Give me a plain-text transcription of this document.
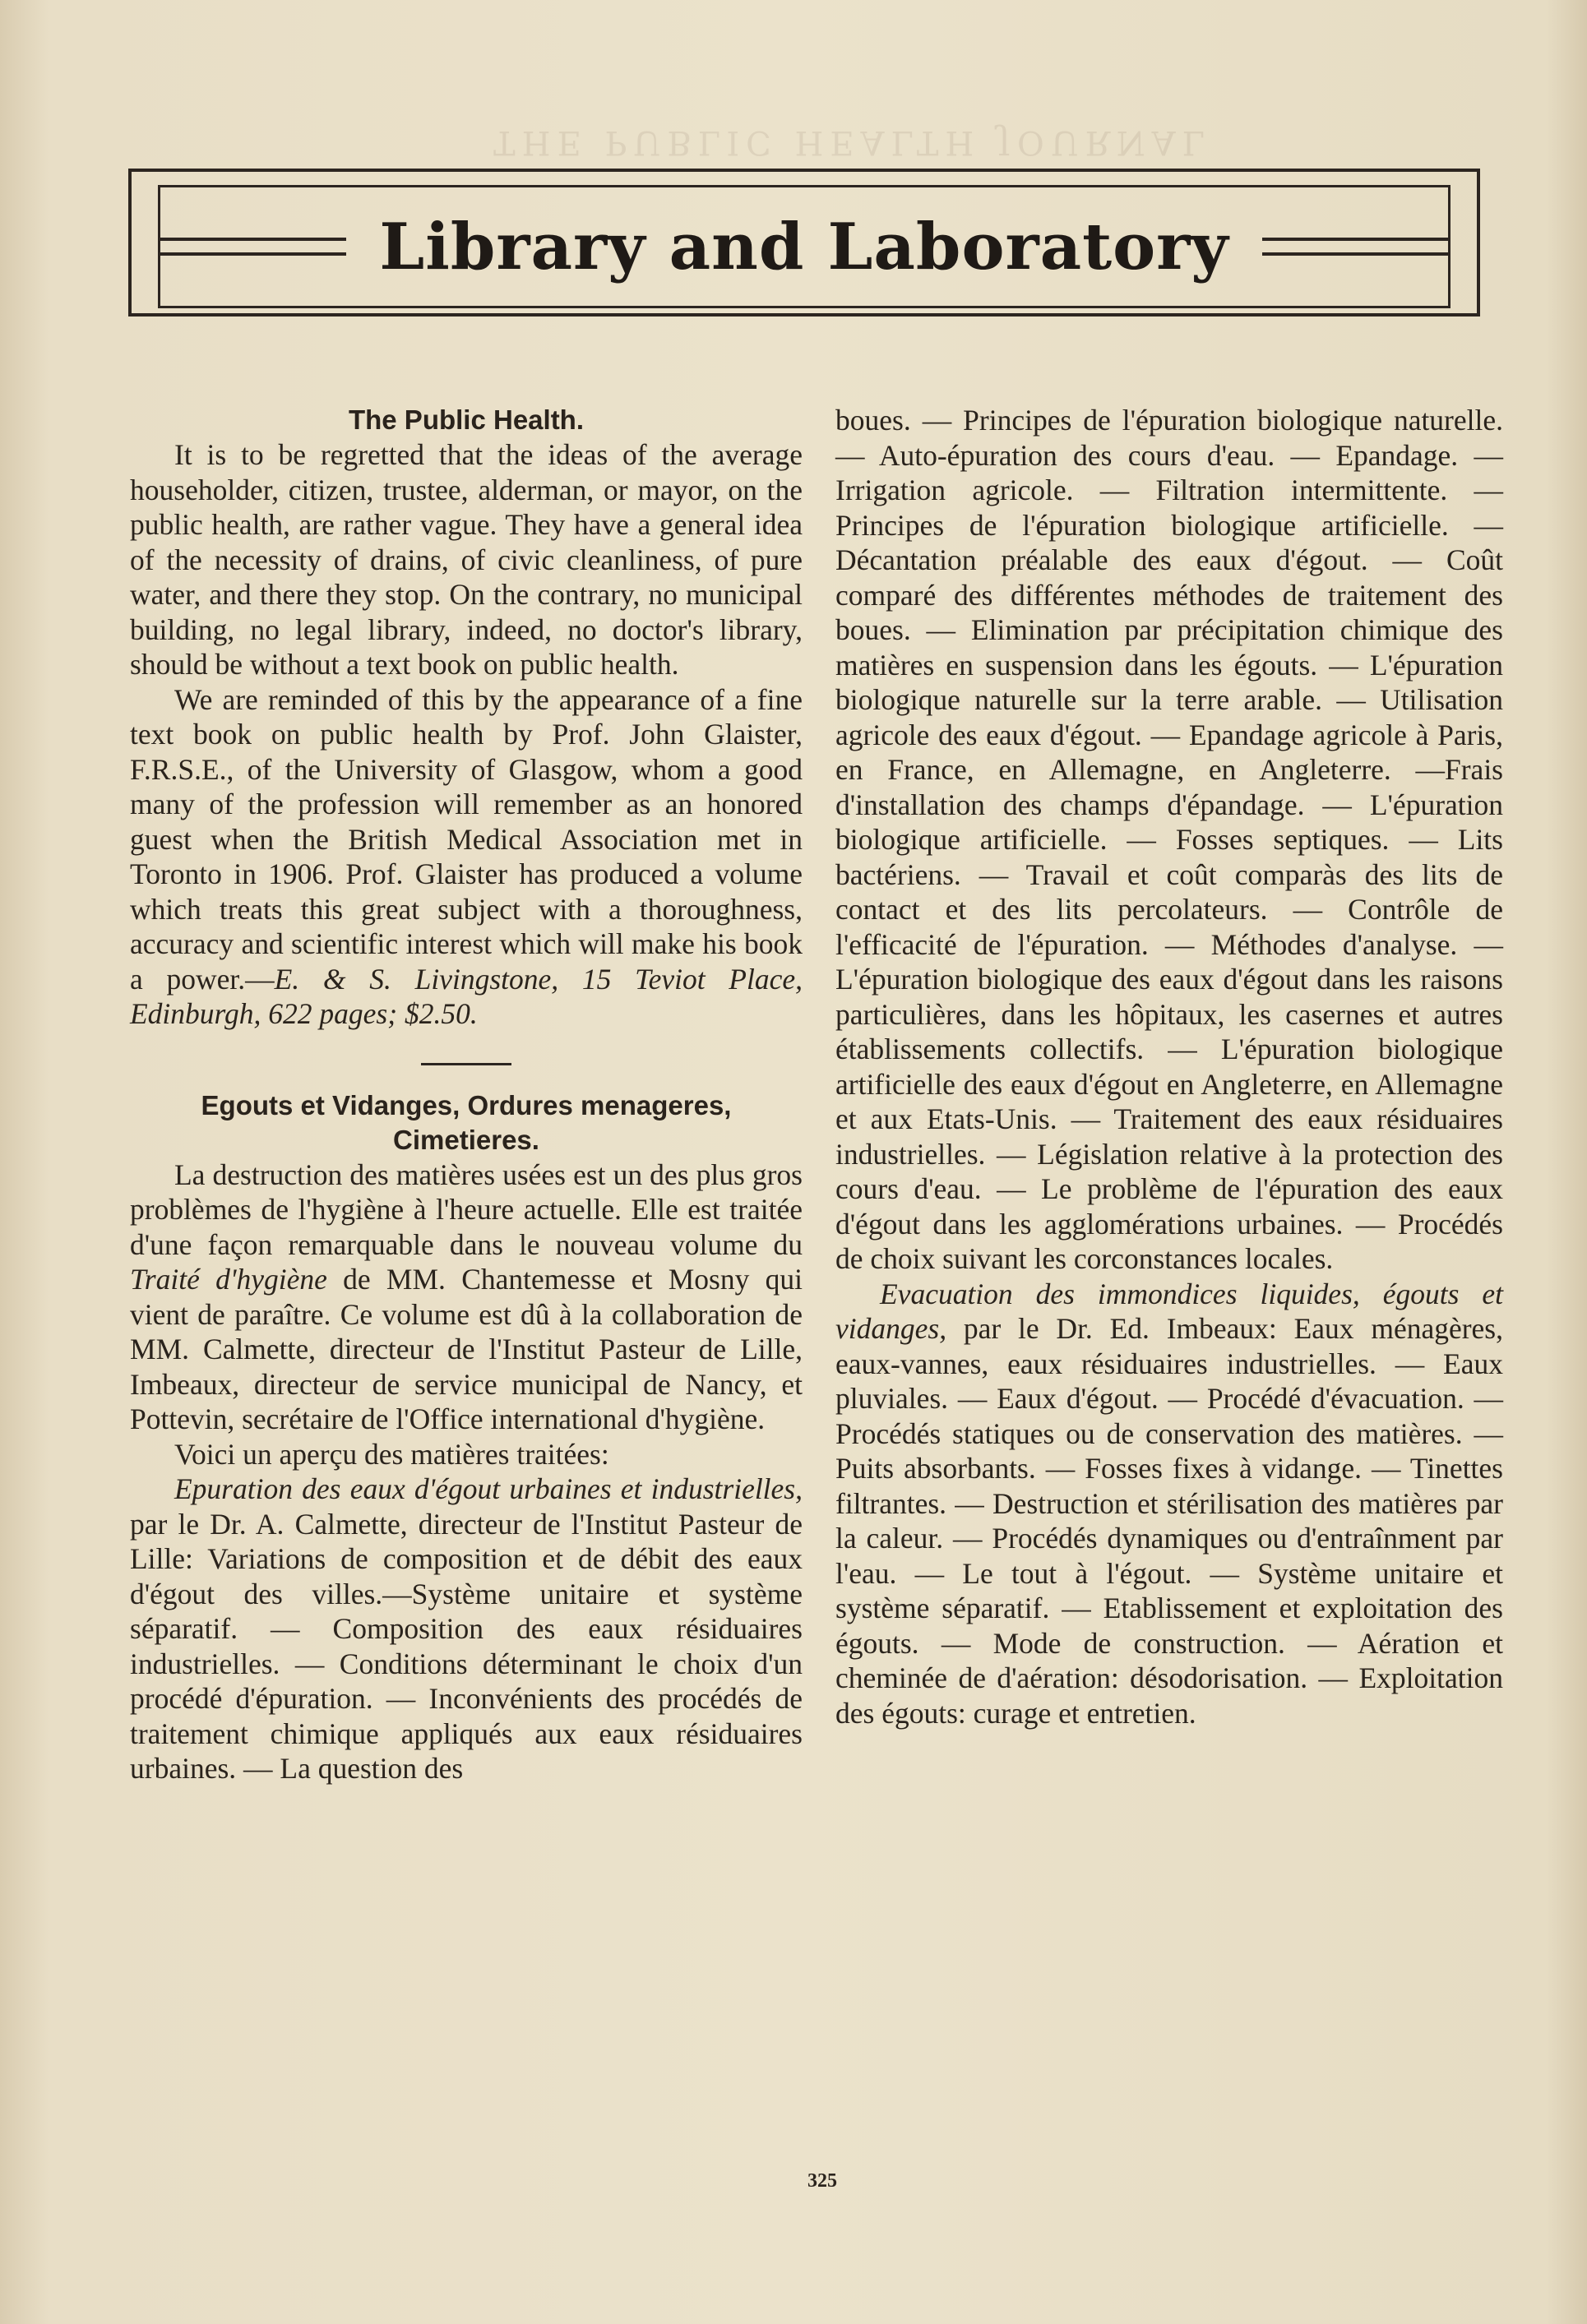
THE PUBLIC HEALTH JOURNAL
Library and Laboratory
The Public Health.

It is to be regretted that the ideas of the average householder, citizen, trustee, alderman, or mayor, on the public health, are rather vague. They have a general idea of the necessity of drains, of civic cleanliness, of pure water, and there they stop. On the contrary, no municipal building, no legal library, indeed, no doctor's library, should be without a text book on public health.

We are reminded of this by the appearance of a fine text book on public health by Prof. John Glaister, F.R.S.E., of the University of Glasgow, whom a good many of the profession will remember as an honored guest when the British Medical Association met in Toronto in 1906. Prof. Glaister has produced a volume which treats this great subject with a thoroughness, accuracy and scientific interest which will make his book a power.—E. & S. Livingstone, 15 Teviot Place, Edinburgh, 622 pages; $2.50.

Egouts et Vidanges, Ordures menageres, Cimetieres.

La destruction des matières usées est un des plus gros problèmes de l'hygiène à l'heure actuelle. Elle est traitée d'une façon remarquable dans le nouveau volume du Traité d'hygiène de MM. Chantemesse et Mosny qui vient de paraître. Ce volume est dû à la collaboration de MM. Calmette, directeur de l'Institut Pasteur de Lille, Imbeaux, directeur de service municipal de Nancy, et Pottevin, secrétaire de l'Office international d'hygiène.

Voici un aperçu des matières traitées:

Epuration des eaux d'égout urbaines et industrielles, par le Dr. A. Calmette, directeur de l'Institut Pasteur de Lille: Variations de composition et de débit des eaux d'égout des villes.—Système unitaire et système séparatif. — Composition des eaux résiduaires industrielles. — Conditions déterminant le choix d'un procédé d'épuration. — Inconvénients des procédés de traitement chimique appliqués aux eaux résiduaires urbaines. — La question des

boues. — Principes de l'épuration biologique naturelle. — Auto-épuration des cours d'eau. — Epandage. — Irrigation agricole. — Filtration intermittente. — Principes de l'épuration biologique artificielle. — Décantation préalable des eaux d'égout. — Coût comparé des différentes méthodes de traitement des boues. — Elimination par précipitation chimique des matières en suspension dans les égouts. — L'épuration biologique naturelle sur la terre arable. — Utilisation agricole des eaux d'égout. — Epandage agricole à Paris, en France, en Allemagne, en Angleterre. —Frais d'installation des champs d'épandage. — L'épuration biologique artificielle. — Fosses septiques. — Lits bactériens. — Travail et coût comparàs des lits de contact et des lits percolateurs. — Contrôle de l'efficacité de l'épuration. — Méthodes d'analyse. — L'épuration biologique des eaux d'égout dans les raisons particulières, dans les hôpitaux, les casernes et autres établissements collectifs. — L'épuration biologique artificielle des eaux d'égout en Angleterre, en Allemagne et aux Etats-Unis. — Traitement des eaux résiduaires industrielles. — Législation relative à la protection des cours d'eau. — Le problème de l'épuration des eaux d'égout dans les agglomérations urbaines. — Procédés de choix suivant les corconstances locales.

Evacuation des immondices liquides, égouts et vidanges, par le Dr. Ed. Imbeaux: Eaux ménagères, eaux-vannes, eaux résiduaires industrielles. — Eaux pluviales. — Eaux d'égout. — Procédé d'évacuation. — Procédés statiques ou de conservation des matières. — Puits absorbants. — Fosses fixes à vidange. — Tinettes filtrantes. — Destruction et stérilisation des matières par la caleur. — Procédés dynamiques ou d'entraînment par l'eau. — Le tout à l'égout. — Système unitaire et système séparatif. — Etablissement et exploitation des égouts. — Mode de construction. — Aération et cheminée de d'aération: désodorisation. — Exploitation des égouts: curage et entretien.

325
